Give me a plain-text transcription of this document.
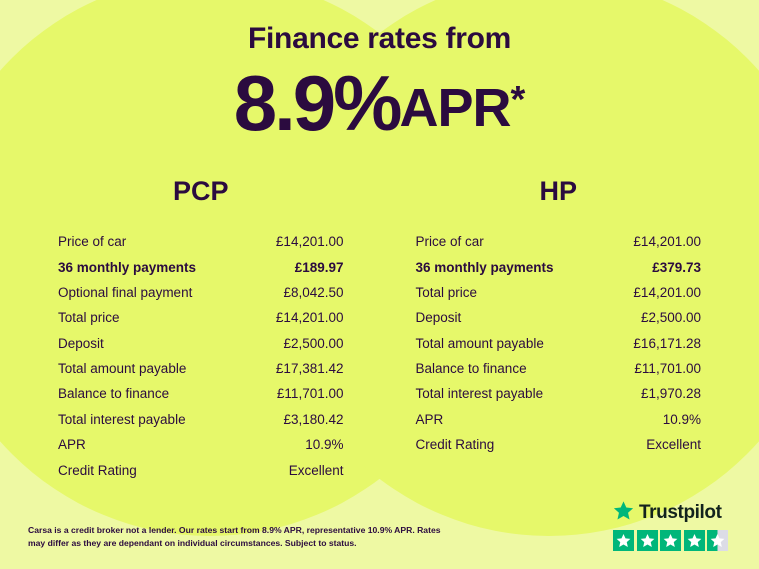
Finance rates from
8.9%APR*
PCP
Price of car	£14,201.00
36 monthly payments	£189.97
Optional final payment	£8,042.50
Total price	£14,201.00
Deposit	£2,500.00
Total amount payable	£17,381.42
Balance to finance	£11,701.00
Total interest payable	£3,180.42
APR	10.9%
Credit Rating	Excellent
HP
Price of car	£14,201.00
36 monthly payments	£379.73
Total price	£14,201.00
Deposit	£2,500.00
Total amount payable	£16,171.28
Balance to finance	£11,701.00
Total interest payable	£1,970.28
APR	10.9%
Credit Rating	Excellent
Carsa is a credit broker not a lender. Our rates start from 8.9% APR, representative 10.9% APR. Rates may differ as they are dependant on individual circumstances. Subject to status.
Trustpilot
